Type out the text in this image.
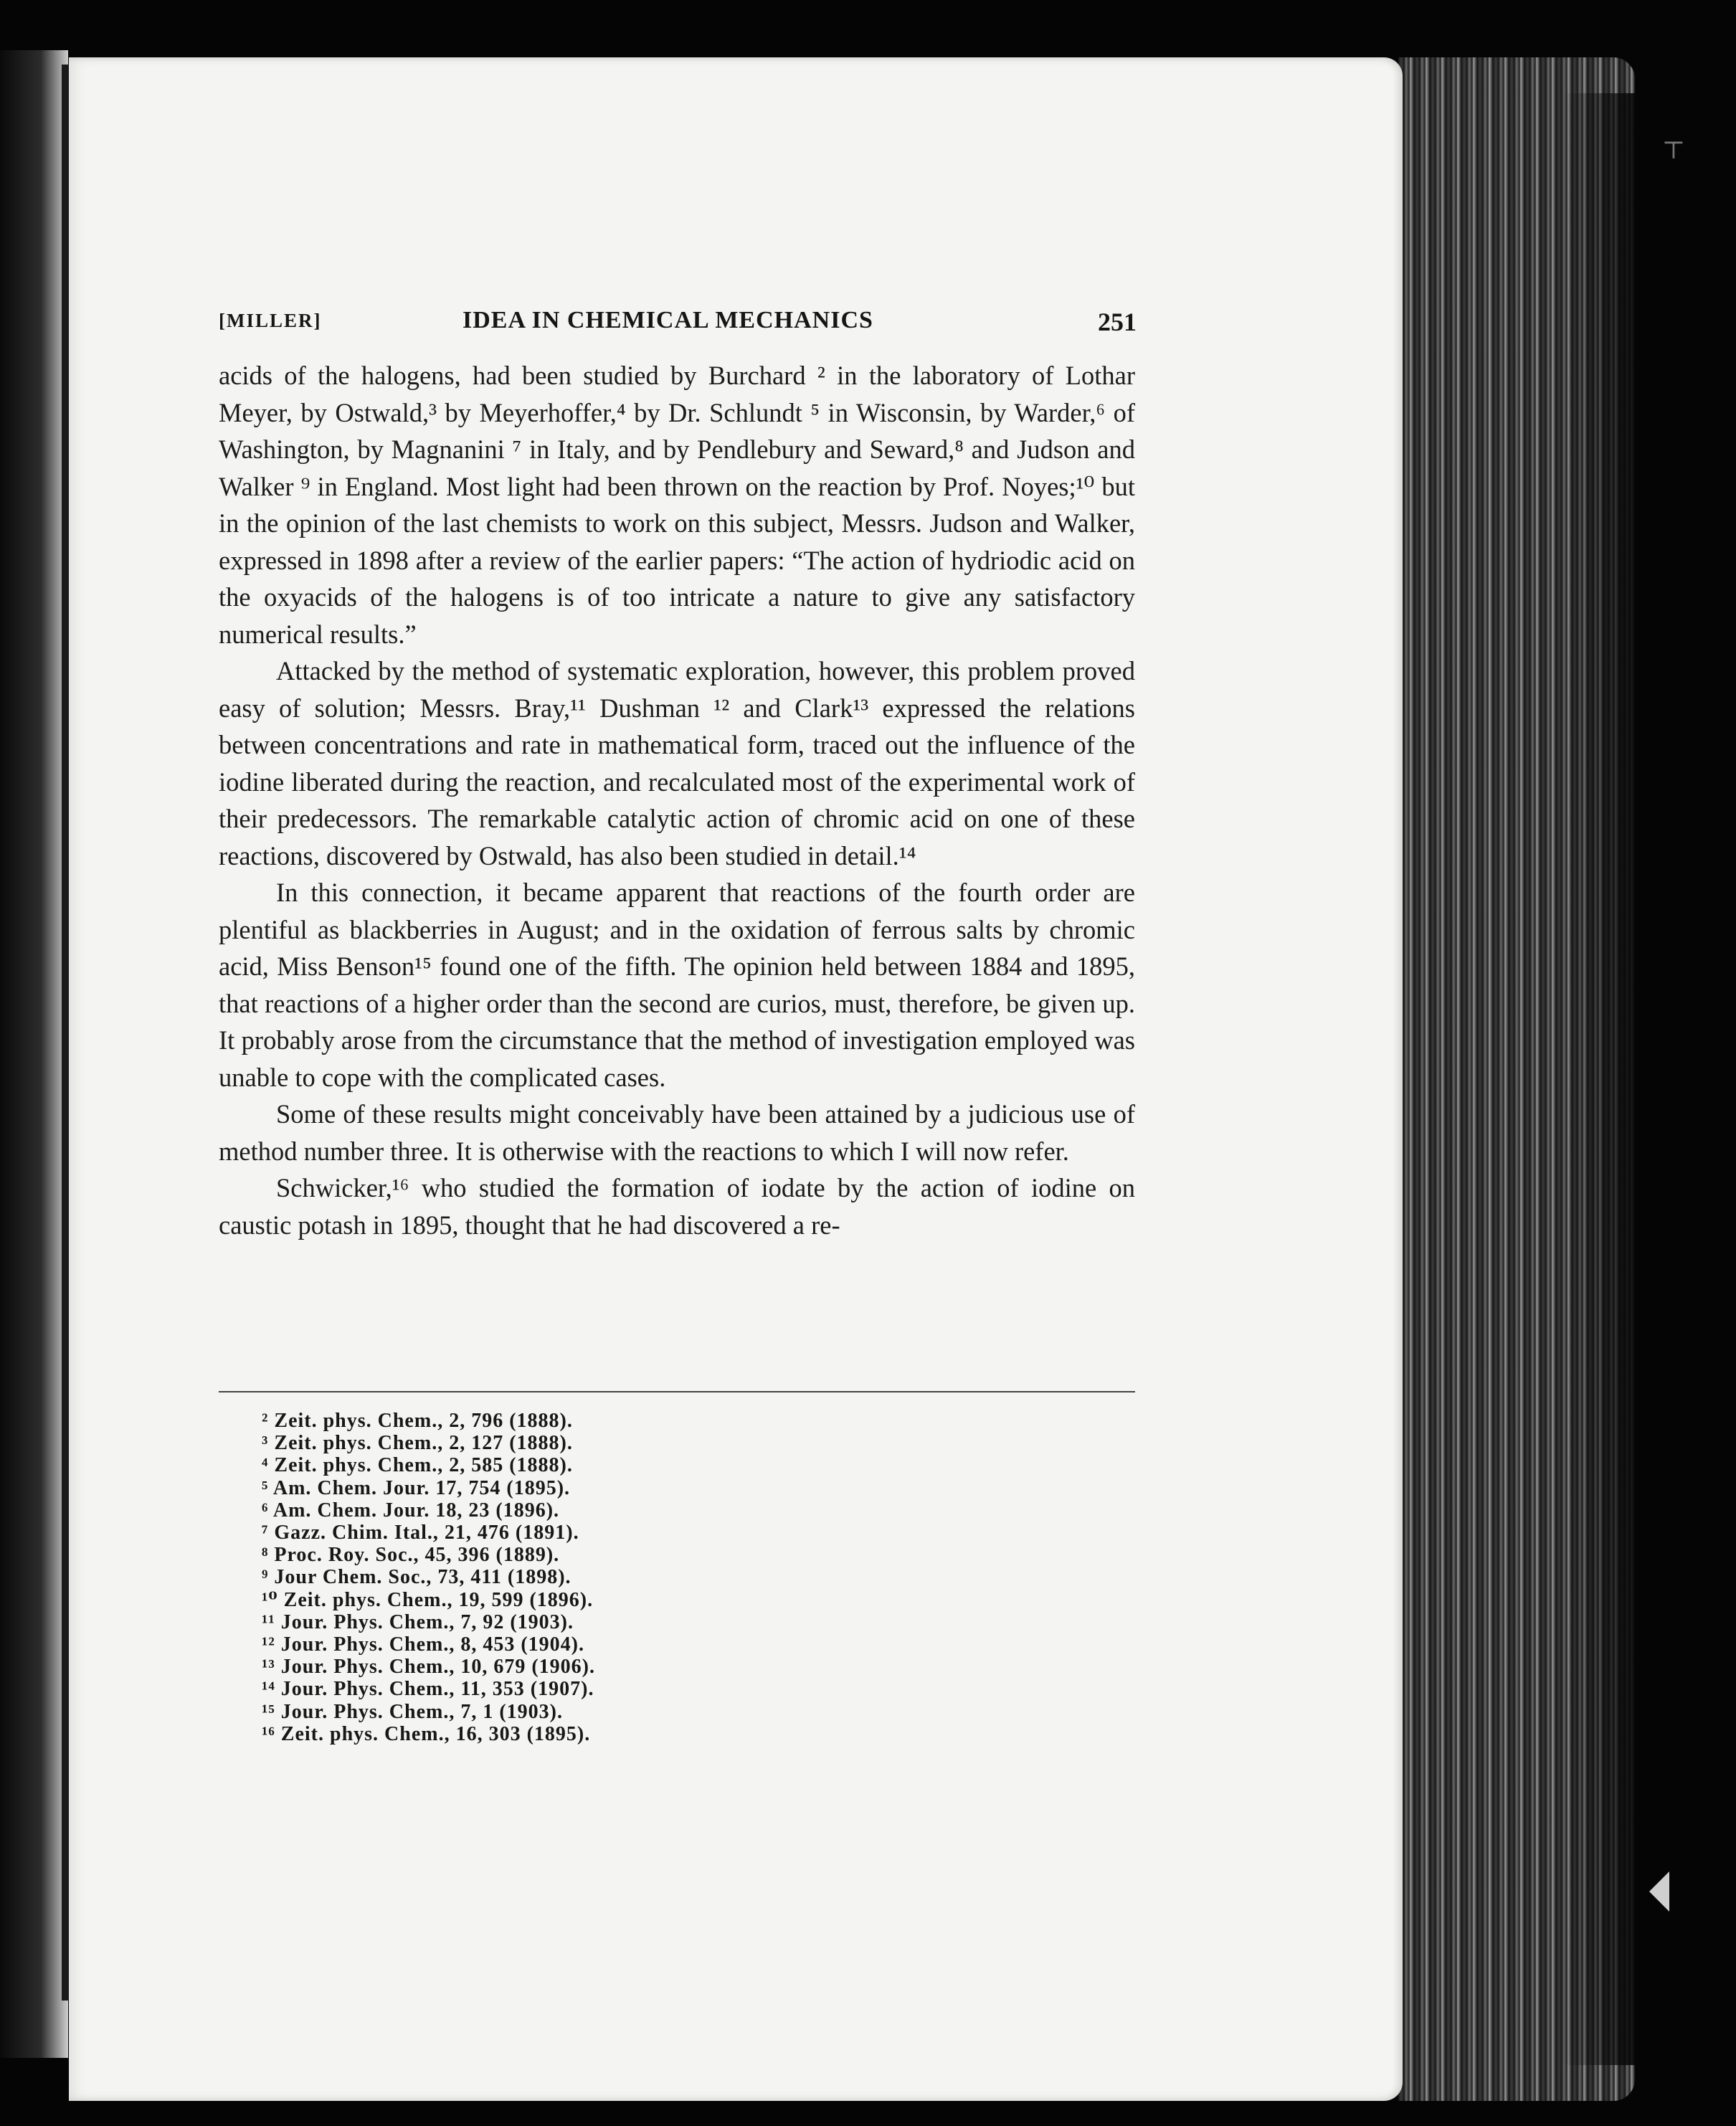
⊤
[MILLER]	IDEA IN CHEMICAL MECHANICS	251

acids of the halogens, had been studied by Burchard ² in the laboratory of Lothar Meyer, by Ostwald,³ by Meyerhoffer,⁴ by Dr. Schlundt ⁵ in Wisconsin, by Warder,⁶ of Washington, by Magnanini ⁷ in Italy, and by Pendlebury and Seward,⁸ and Judson and Walker ⁹ in England. Most light had been thrown on the reaction by Prof. Noyes;¹⁰ but in the opinion of the last chemists to work on this subject, Messrs. Judson and Walker, expressed in 1898 after a review of the earlier papers: “The action of hydriodic acid on the oxyacids of the halogens is of too intricate a nature to give any satisfactory numerical results.”

Attacked by the method of systematic exploration, however, this problem proved easy of solution; Messrs. Bray,¹¹ Dushman ¹² and Clark¹³ expressed the relations between concentrations and rate in mathematical form, traced out the influence of the iodine liberated during the reaction, and recalculated most of the experimental work of their predecessors. The remarkable catalytic action of chromic acid on one of these reactions, discovered by Ostwald, has also been studied in detail.¹⁴

In this connection, it became apparent that reactions of the fourth order are plentiful as blackberries in August; and in the oxidation of ferrous salts by chromic acid, Miss Benson¹⁵ found one of the fifth. The opinion held between 1884 and 1895, that reactions of a higher order than the second are curios, must, therefore, be given up. It probably arose from the circumstance that the method of investigation employed was unable to cope with the complicated cases.

Some of these results might conceivably have been attained by a judicious use of method number three. It is otherwise with the reactions to which I will now refer.

Schwicker,¹⁶ who studied the formation of iodate by the action of iodine on caustic potash in 1895, thought that he had discovered a re-

² Zeit. phys. Chem., 2, 796 (1888).
³ Zeit. phys. Chem., 2, 127 (1888).
⁴ Zeit. phys. Chem., 2, 585 (1888).
⁵ Am. Chem. Jour. 17, 754 (1895).
⁶ Am. Chem. Jour. 18, 23 (1896).
⁷ Gazz. Chim. Ital., 21, 476 (1891).
⁸ Proc. Roy. Soc., 45, 396 (1889).
⁹ Jour Chem. Soc., 73, 411 (1898).
¹⁰ Zeit. phys. Chem., 19, 599 (1896).
¹¹ Jour. Phys. Chem., 7, 92 (1903).
¹² Jour. Phys. Chem., 8, 453 (1904).
¹³ Jour. Phys. Chem., 10, 679 (1906).
¹⁴ Jour. Phys. Chem., 11, 353 (1907).
¹⁵ Jour. Phys. Chem., 7, 1 (1903).
¹⁶ Zeit. phys. Chem., 16, 303 (1895).
